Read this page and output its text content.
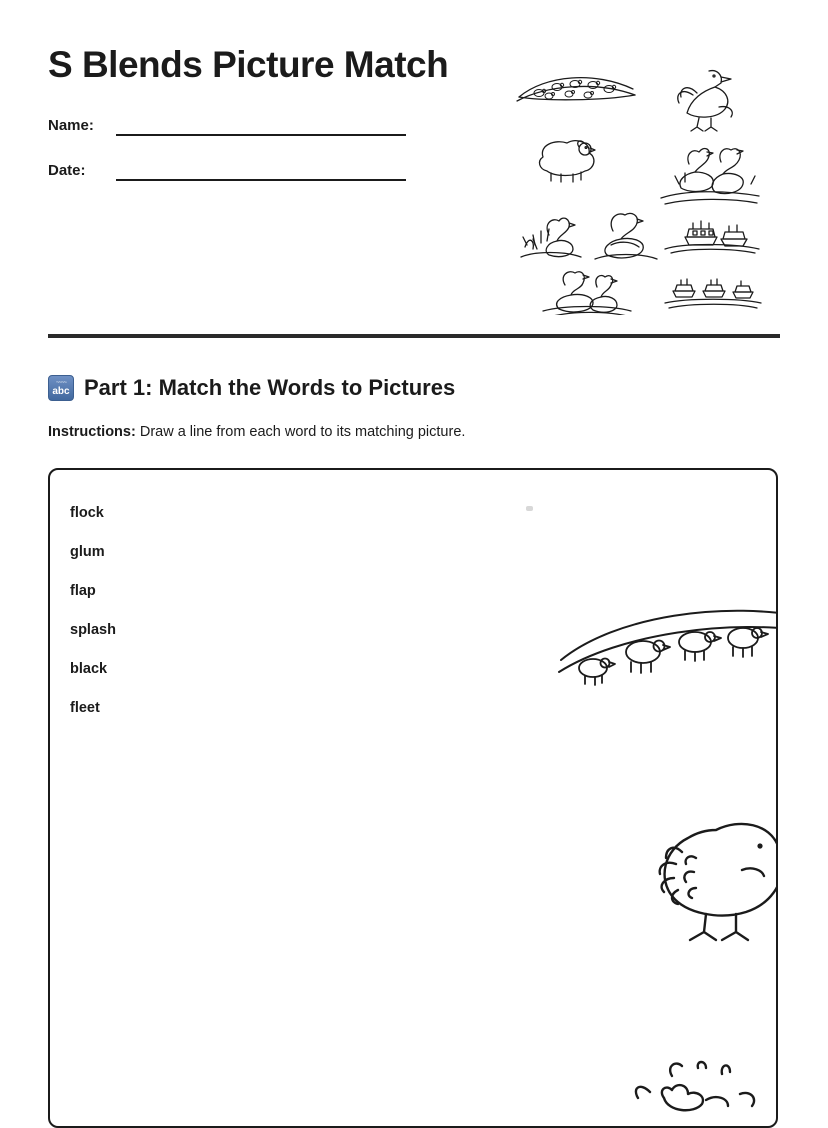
S Blends Picture Match
Name:
Date:
~~~~
abc Part 1: Match the Words to Pictures
Instructions: Draw a line from each word to its matching picture.
flock
glum
flap
splash
black
fleet
